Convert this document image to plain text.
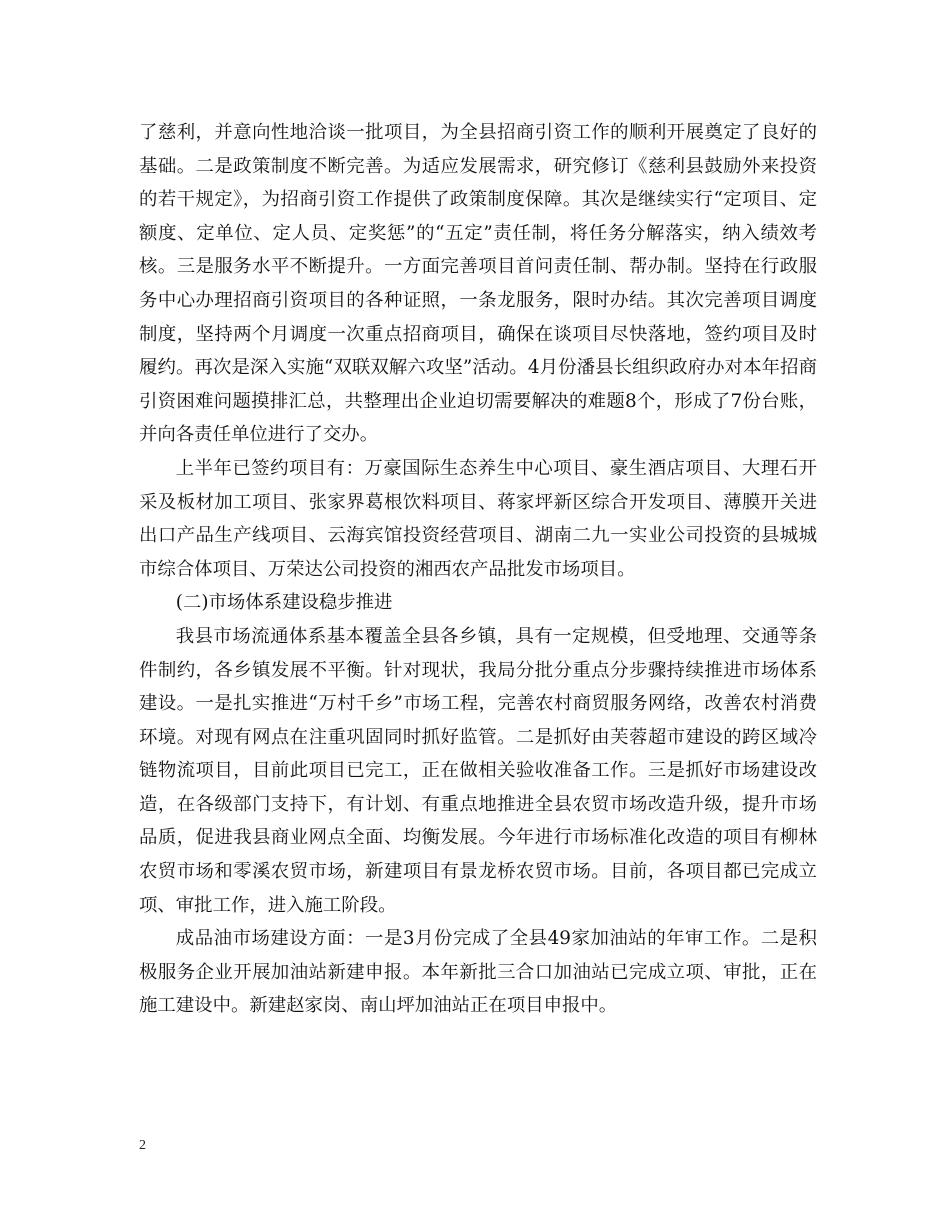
了慈利，并意向性地洽谈一批项目，为全县招商引资工作的顺利开展奠定了良好的基础。二是政策制度不断完善。为适应发展需求，研究修订《慈利县鼓励外来投资的若干规定》，为招商引资工作提供了政策制度保障。其次是继续实行“定项目、定额度、定单位、定人员、定奖惩”的“五定”责任制，将任务分解落实，纳入绩效考核。三是服务水平不断提升。一方面完善项目首问责任制、帮办制。坚持在行政服务中心办理招商引资项目的各种证照，一条龙服务，限时办结。其次完善项目调度制度，坚持两个月调度一次重点招商项目，确保在谈项目尽快落地，签约项目及时履约。再次是深入实施“双联双解六攻坚”活动。4月份潘县长组织政府办对本年招商引资困难问题摸排汇总，共整理出企业迫切需要解决的难题8个，形成了7份台账，并向各责任单位进行了交办。

上半年已签约项目有：万豪国际生态养生中心项目、豪生酒店项目、大理石开采及板材加工项目、张家界葛根饮料项目、蒋家坪新区综合开发项目、薄膜开关进出口产品生产线项目、云海宾馆投资经营项目、湖南二九一实业公司投资的县城城市综合体项目、万荣达公司投资的湘西农产品批发市场项目。

(二)市场体系建设稳步推进

我县市场流通体系基本覆盖全县各乡镇，具有一定规模，但受地理、交通等条件制约，各乡镇发展不平衡。针对现状，我局分批分重点分步骤持续推进市场体系建设。一是扎实推进“万村千乡”市场工程，完善农村商贸服务网络，改善农村消费环境。对现有网点在注重巩固同时抓好监管。二是抓好由芙蓉超市建设的跨区域冷链物流项目，目前此项目已完工，正在做相关验收准备工作。三是抓好市场建设改造，在各级部门支持下，有计划、有重点地推进全县农贸市场改造升级，提升市场品质，促进我县商业网点全面、均衡发展。今年进行市场标准化改造的项目有柳林农贸市场和零溪农贸市场，新建项目有景龙桥农贸市场。目前，各项目都已完成立项、审批工作，进入施工阶段。

成品油市场建设方面：一是3月份完成了全县49家加油站的年审工作。二是积极服务企业开展加油站新建申报。本年新批三合口加油站已完成立项、审批，正在施工建设中。新建赵家岗、南山坪加油站正在项目申报中。

2
